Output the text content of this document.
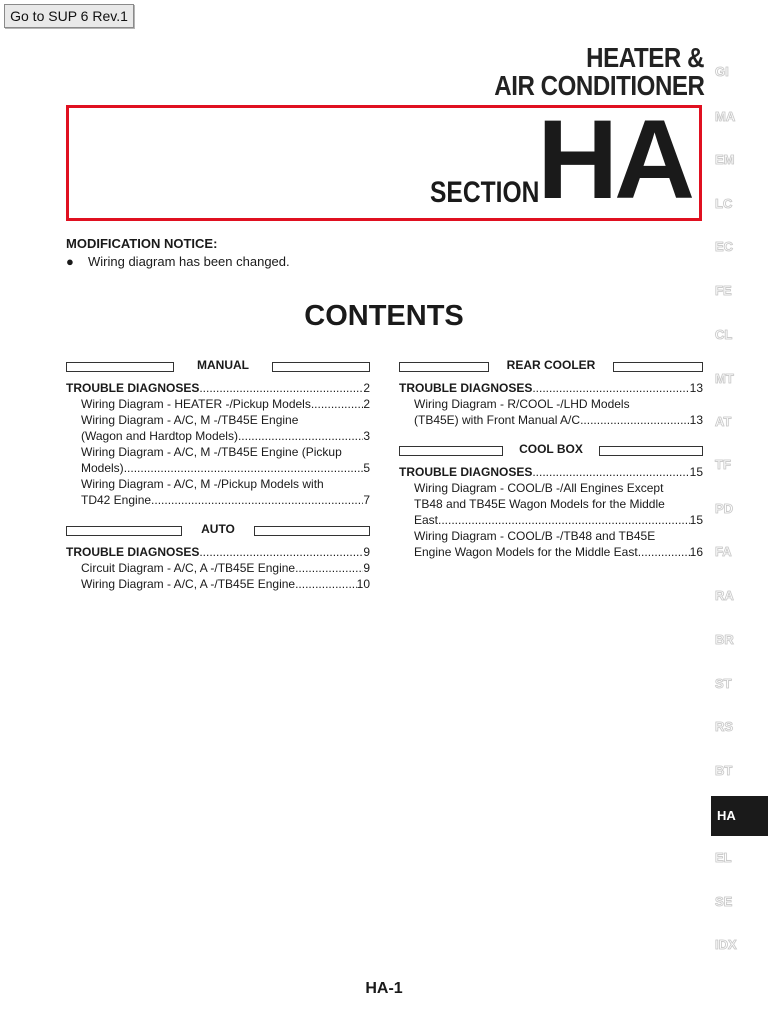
Go to SUP 6 Rev.1
HEATER &
AIR CONDITIONER
SECTION
HA
MODIFICATION NOTICE:
● Wiring diagram has been changed.
CONTENTS
MANUAL
TROUBLE DIAGNOSES .....	2
Wiring Diagram - HEATER -/Pickup Models .....	2
Wiring Diagram - A/C, M -/TB45E Engine
(Wagon and Hardtop Models) .....	3
Wiring Diagram - A/C, M -/TB45E Engine (Pickup
Models) .....	5
Wiring Diagram - A/C, M -/Pickup Models with
TD42 Engine .....	7
AUTO
TROUBLE DIAGNOSES .....	9
Circuit Diagram - A/C, A -/TB45E Engine .....	9
Wiring Diagram - A/C, A -/TB45E Engine .....	10
REAR COOLER
TROUBLE DIAGNOSES .....	13
Wiring Diagram - R/COOL -/LHD Models
(TB45E) with Front Manual A/C .....	13
COOL BOX
TROUBLE DIAGNOSES .....	15
Wiring Diagram - COOL/B -/All Engines Except
TB48 and TB45E Wagon Models for the Middle
East .....	15
Wiring Diagram - COOL/B -/TB48 and TB45E
Engine Wagon Models for the Middle East .....	16
GI
MA
EM
LC
EC
FE
CL
MT
AT
TF
PD
FA
RA
BR
ST
RS
BT
HA
EL
SE
IDX
HA-1
